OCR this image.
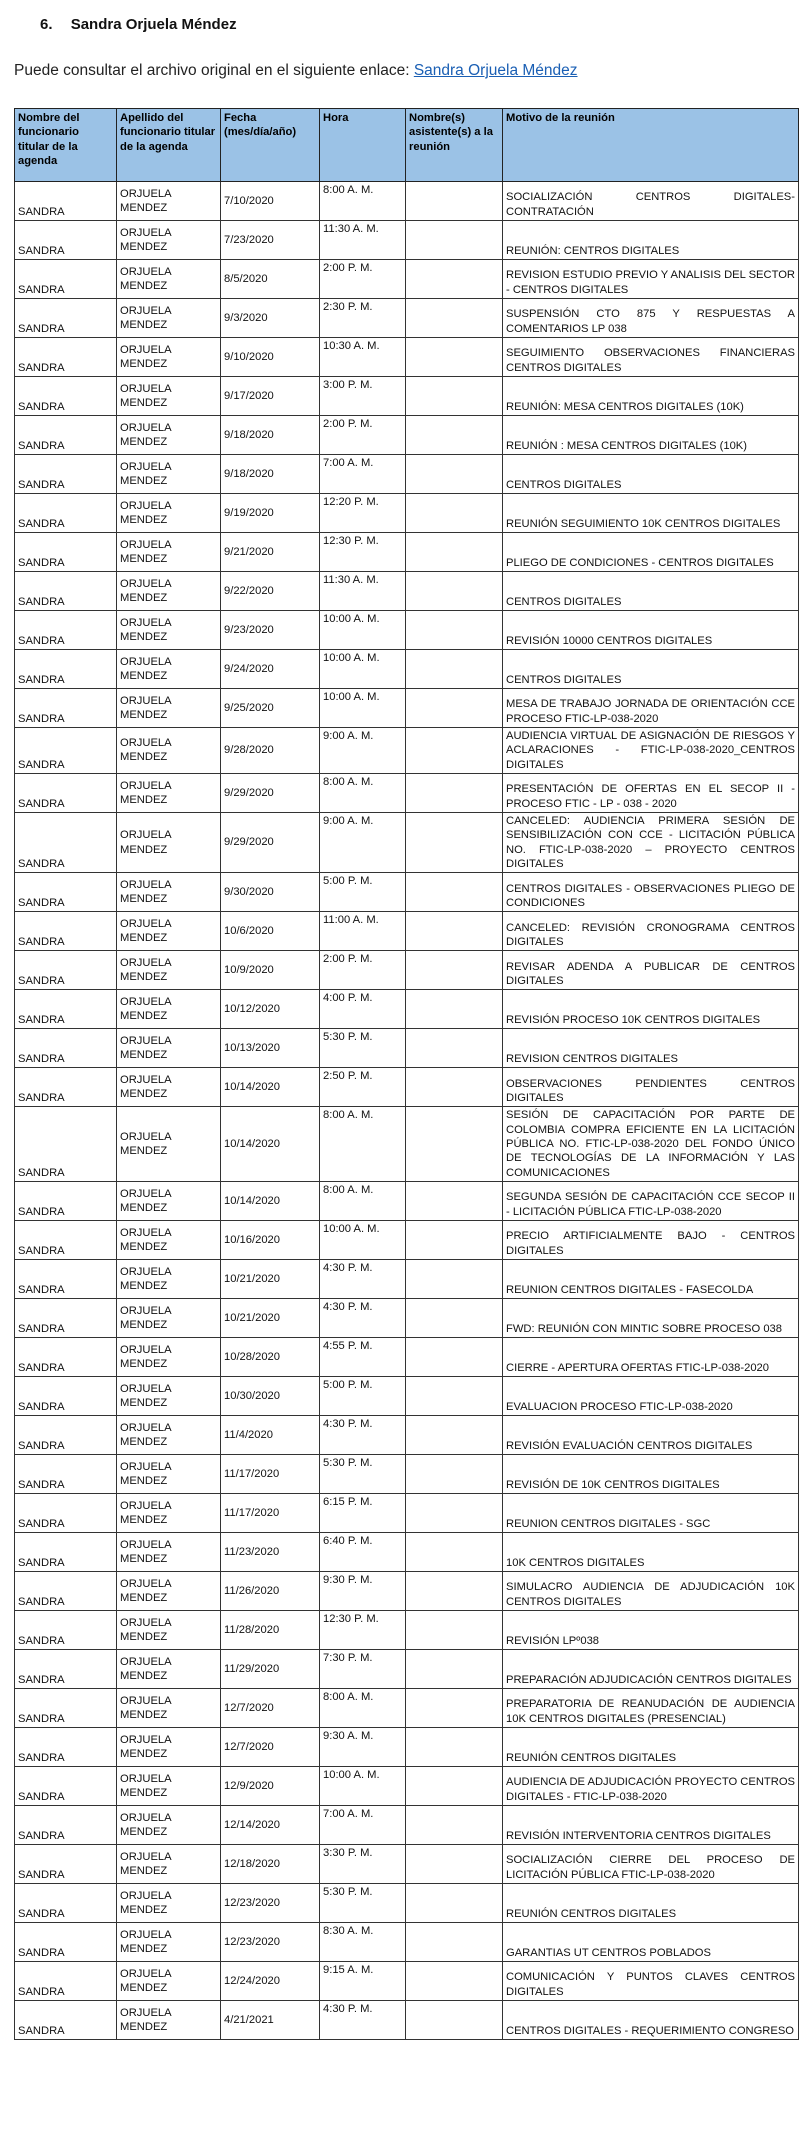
6. Sandra Orjuela Méndez
Puede consultar el archivo original en el siguiente enlace: Sandra Orjuela Méndez
Nombre del funcionario titular de la agenda	Apellido del funcionario titular de la agenda	Fecha (mes/día/año)	Hora	Nombre(s) asistente(s) a la reunión	Motivo de la reunión
SANDRA	ORJUELA MENDEZ	7/10/2020	8:00 A. M.		SOCIALIZACIÓN CENTROS DIGITALES- CONTRATACIÓN
SANDRA	ORJUELA MENDEZ	7/23/2020	11:30 A. M.		REUNIÓN: CENTROS DIGITALES
SANDRA	ORJUELA MENDEZ	8/5/2020	2:00 P. M.		REVISION ESTUDIO PREVIO Y ANALISIS DEL SECTOR - CENTROS DIGITALES
SANDRA	ORJUELA MENDEZ	9/3/2020	2:30 P. M.		SUSPENSIÓN CTO 875 Y RESPUESTAS A COMENTARIOS LP 038
SANDRA	ORJUELA MENDEZ	9/10/2020	10:30 A. M.		SEGUIMIENTO OBSERVACIONES FINANCIERAS CENTROS DIGITALES
SANDRA	ORJUELA MENDEZ	9/17/2020	3:00 P. M.		REUNIÓN: MESA CENTROS DIGITALES (10K)
SANDRA	ORJUELA MENDEZ	9/18/2020	2:00 P. M.		REUNIÓN : MESA CENTROS DIGITALES (10K)
SANDRA	ORJUELA MENDEZ	9/18/2020	7:00 A. M.		CENTROS DIGITALES
SANDRA	ORJUELA MENDEZ	9/19/2020	12:20 P. M.		REUNIÓN SEGUIMIENTO 10K CENTROS DIGITALES
SANDRA	ORJUELA MENDEZ	9/21/2020	12:30 P. M.		PLIEGO DE CONDICIONES - CENTROS DIGITALES
SANDRA	ORJUELA MENDEZ	9/22/2020	11:30 A. M.		CENTROS DIGITALES
SANDRA	ORJUELA MENDEZ	9/23/2020	10:00 A. M.		REVISIÓN 10000 CENTROS DIGITALES
SANDRA	ORJUELA MENDEZ	9/24/2020	10:00 A. M.		CENTROS DIGITALES
SANDRA	ORJUELA MENDEZ	9/25/2020	10:00 A. M.		MESA DE TRABAJO JORNADA DE ORIENTACIÓN CCE PROCESO FTIC-LP-038-2020
SANDRA	ORJUELA MENDEZ	9/28/2020	9:00 A. M.		AUDIENCIA VIRTUAL DE ASIGNACIÓN DE RIESGOS Y ACLARACIONES - FTIC-LP-038-2020_CENTROS DIGITALES
SANDRA	ORJUELA MENDEZ	9/29/2020	8:00 A. M.		PRESENTACIÓN DE OFERTAS EN EL SECOP II - PROCESO FTIC - LP - 038 - 2020
SANDRA	ORJUELA MENDEZ	9/29/2020	9:00 A. M.		CANCELED: AUDIENCIA PRIMERA SESIÓN DE SENSIBILIZACIÓN CON CCE - LICITACIÓN PÚBLICA NO. FTIC-LP-038-2020 – PROYECTO CENTROS DIGITALES
SANDRA	ORJUELA MENDEZ	9/30/2020	5:00 P. M.		CENTROS DIGITALES - OBSERVACIONES PLIEGO DE CONDICIONES
SANDRA	ORJUELA MENDEZ	10/6/2020	11:00 A. M.		CANCELED: REVISIÓN CRONOGRAMA CENTROS DIGITALES
SANDRA	ORJUELA MENDEZ	10/9/2020	2:00 P. M.		REVISAR ADENDA A PUBLICAR DE CENTROS DIGITALES
SANDRA	ORJUELA MENDEZ	10/12/2020	4:00 P. M.		REVISIÓN PROCESO 10K CENTROS DIGITALES
SANDRA	ORJUELA MENDEZ	10/13/2020	5:30 P. M.		REVISION CENTROS DIGITALES
SANDRA	ORJUELA MENDEZ	10/14/2020	2:50 P. M.		OBSERVACIONES PENDIENTES CENTROS DIGITALES
SANDRA	ORJUELA MENDEZ	10/14/2020	8:00 A. M.		SESIÓN DE CAPACITACIÓN POR PARTE DE COLOMBIA COMPRA EFICIENTE EN LA LICITACIÓN PÚBLICA NO. FTIC-LP-038-2020 DEL FONDO ÚNICO DE TECNOLOGÍAS DE LA INFORMACIÓN Y LAS COMUNICACIONES
SANDRA	ORJUELA MENDEZ	10/14/2020	8:00 A. M.		SEGUNDA SESIÓN DE CAPACITACIÓN CCE SECOP II - LICITACIÓN PÚBLICA FTIC-LP-038-2020
SANDRA	ORJUELA MENDEZ	10/16/2020	10:00 A. M.		PRECIO ARTIFICIALMENTE BAJO - CENTROS DIGITALES
SANDRA	ORJUELA MENDEZ	10/21/2020	4:30 P. M.		REUNION CENTROS DIGITALES - FASECOLDA
SANDRA	ORJUELA MENDEZ	10/21/2020	4:30 P. M.		FWD: REUNIÓN CON MINTIC SOBRE PROCESO 038
SANDRA	ORJUELA MENDEZ	10/28/2020	4:55 P. M.		CIERRE - APERTURA OFERTAS FTIC-LP-038-2020
SANDRA	ORJUELA MENDEZ	10/30/2020	5:00 P. M.		EVALUACION PROCESO FTIC-LP-038-2020
SANDRA	ORJUELA MENDEZ	11/4/2020	4:30 P. M.		REVISIÓN EVALUACIÓN CENTROS DIGITALES
SANDRA	ORJUELA MENDEZ	11/17/2020	5:30 P. M.		REVISIÓN DE 10K CENTROS DIGITALES
SANDRA	ORJUELA MENDEZ	11/17/2020	6:15 P. M.		REUNION CENTROS DIGITALES - SGC
SANDRA	ORJUELA MENDEZ	11/23/2020	6:40 P. M.		10K CENTROS DIGITALES
SANDRA	ORJUELA MENDEZ	11/26/2020	9:30 P. M.		SIMULACRO AUDIENCIA DE ADJUDICACIÓN 10K CENTROS DIGITALES
SANDRA	ORJUELA MENDEZ	11/28/2020	12:30 P. M.		REVISIÓN LPº038
SANDRA	ORJUELA MENDEZ	11/29/2020	7:30 P. M.		PREPARACIÓN ADJUDICACIÓN CENTROS DIGITALES
SANDRA	ORJUELA MENDEZ	12/7/2020	8:00 A. M.		PREPARATORIA DE REANUDACIÓN DE AUDIENCIA 10K CENTROS DIGITALES (PRESENCIAL)
SANDRA	ORJUELA MENDEZ	12/7/2020	9:30 A. M.		REUNIÓN CENTROS DIGITALES
SANDRA	ORJUELA MENDEZ	12/9/2020	10:00 A. M.		AUDIENCIA DE ADJUDICACIÓN PROYECTO CENTROS DIGITALES - FTIC-LP-038-2020
SANDRA	ORJUELA MENDEZ	12/14/2020	7:00 A. M.		REVISIÓN INTERVENTORIA CENTROS DIGITALES
SANDRA	ORJUELA MENDEZ	12/18/2020	3:30 P. M.		SOCIALIZACIÓN CIERRE DEL PROCESO DE LICITACIÓN PÚBLICA FTIC-LP-038-2020
SANDRA	ORJUELA MENDEZ	12/23/2020	5:30 P. M.		REUNIÓN CENTROS DIGITALES
SANDRA	ORJUELA MENDEZ	12/23/2020	8:30 A. M.		GARANTIAS UT CENTROS POBLADOS
SANDRA	ORJUELA MENDEZ	12/24/2020	9:15 A. M.		COMUNICACIÓN Y PUNTOS CLAVES CENTROS DIGITALES
SANDRA	ORJUELA MENDEZ	4/21/2021	4:30 P. M.		CENTROS DIGITALES - REQUERIMIENTO CONGRESO
